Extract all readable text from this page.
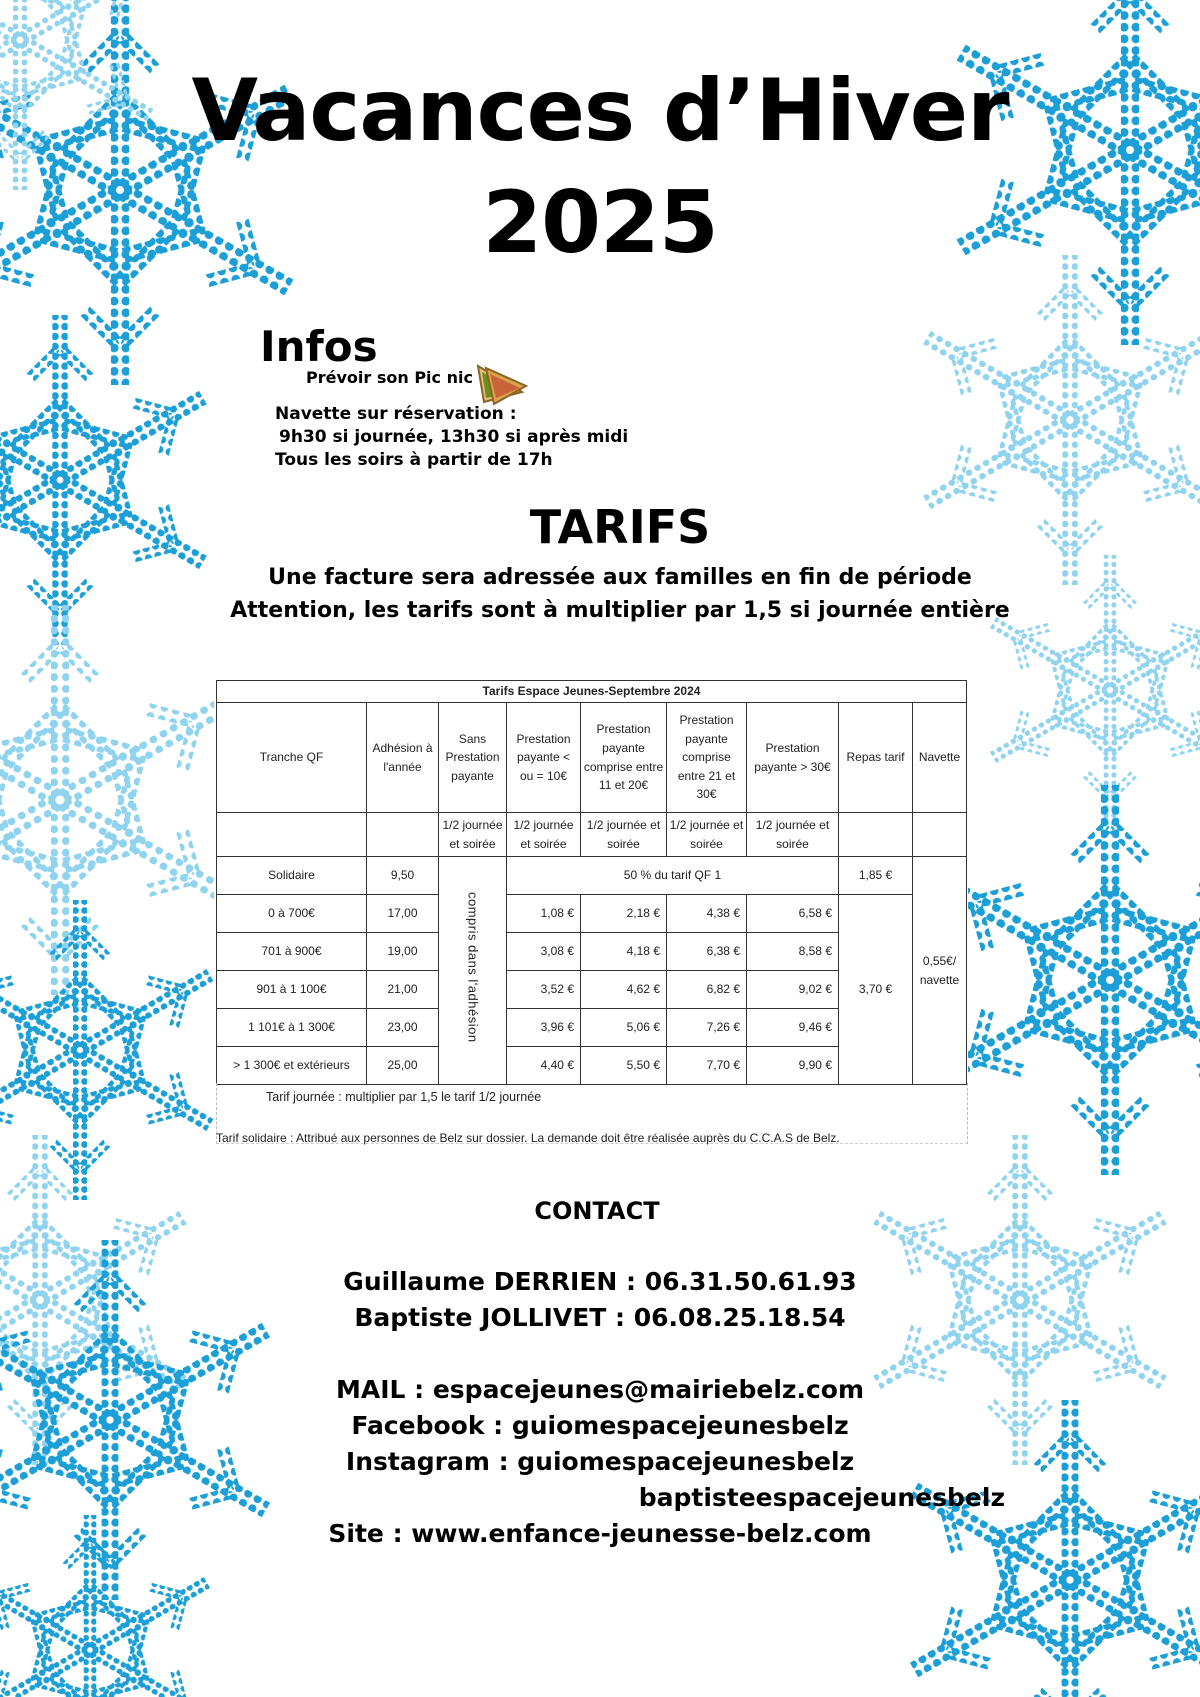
Vacances d’Hiver
2025
Infos
Prévoir son Pic nic
Navette sur réservation :
9h30 si journée, 13h30 si après midi
Tous les soirs à partir de 17h
TARIFS
Une facture sera adressée aux familles en fin de période
Attention, les tarifs sont à multiplier par 1,5 si journée entière
Tarifs Espace Jeunes-Septembre 2024								
Tranche QF	Adhésion à l'année	Sans Prestation payante	Prestation payante < ou = 10€	Prestation payante comprise entre 11 et 20€	Prestation payante comprise entre 21 et 30€	Prestation payante > 30€	Repas tarif	Navette
		1/2 journée et soirée	1/2 journée et soirée	1/2 journée et soirée	1/2 journée et soirée	1/2 journée et soirée		
Solidaire	9,50	compris dans l'adhésion	50 % du tarif QF 1				1,85 €	0,55€/ navette
0 à 700€	17,00		1,08 €	2,18 €	4,38 €	6,58 €	3,70 €	
701 à 900€	19,00		3,08 €	4,18 €	6,38 €	8,58 €		
901 à 1 100€	21,00		3,52 €	4,62 €	6,82 €	9,02 €		
1 101€ à 1 300€	23,00		3,96 €	5,06 €	7,26 €	9,46 €		
> 1 300€ et extérieurs	25,00		4,40 €	5,50 €	7,70 €	9,90 €		
Tarif journée : multiplier par 1,5 le tarif 1/2 journée
Tarif solidaire : Attribué aux personnes de Belz sur dossier. La demande doit être réalisée auprès du C.C.A.S de Belz.
CONTACT
Guillaume DERRIEN : 06.31.50.61.93
Baptiste JOLLIVET : 06.08.25.18.54
MAIL : espacejeunes@mairiebelz.com
Facebook : guiomespacejeunesbelz
Instagram : guiomespacejeunesbelz
baptisteespacejeunesbelz
Site : www.enfance-jeunesse-belz.com
